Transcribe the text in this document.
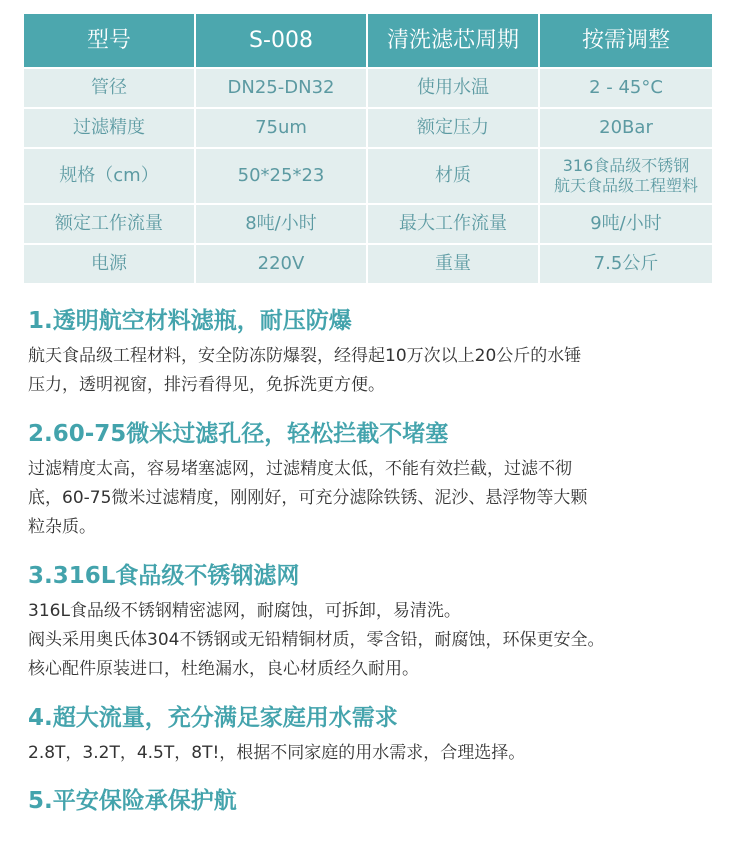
型号	S-008	清洗滤芯周期	按需调整
管径	DN25-DN32	使用水温	2 - 45°C
过滤精度	75um	额定压力	20Bar
规格（cm）	50*25*23	材质	316食品级不锈钢
航天食品级工程塑料

额定工作流量	8吨/小时	最大工作流量	9吨/小时
电源	220V	重量	7.5公斤
1.透明航空材料滤瓶，耐压防爆

航天食品级工程材料，安全防冻防爆裂，经得起10万次以上20公斤的水锤
压力，透明视窗，排污看得见，免拆洗更方便。

2.60-75微米过滤孔径，轻松拦截不堵塞

过滤精度太高，容易堵塞滤网，过滤精度太低，不能有效拦截，过滤不彻
底，60-75微米过滤精度，刚刚好，可充分滤除铁锈、泥沙、悬浮物等大颗
粒杂质。

3.316L食品级不锈钢滤网

316L食品级不锈钢精密滤网，耐腐蚀，可拆卸，易清洗。
阀头采用奥氏体304不锈钢或无铅精铜材质，零含铅，耐腐蚀，环保更安全。
核心配件原装进口，杜绝漏水，良心材质经久耐用。

4.超大流量，充分满足家庭用水需求

2.8T，3.2T，4.5T，8T!，根据不同家庭的用水需求，合理选择。

5.平安保险承保护航
